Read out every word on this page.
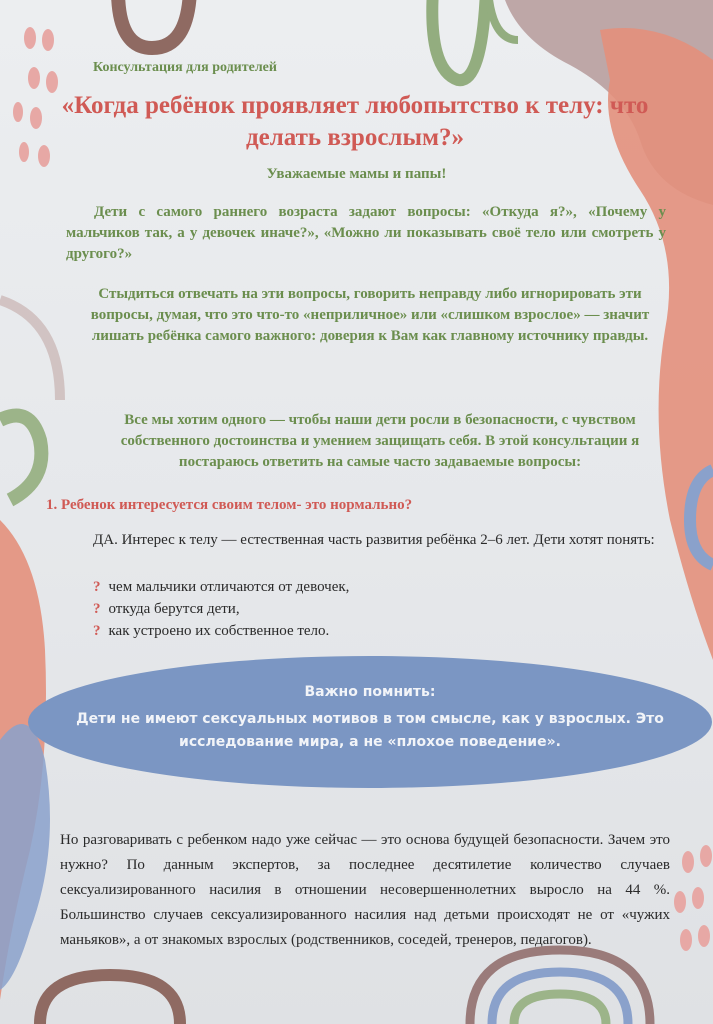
Консультация для родителей
«Когда ребёнок проявляет любопытство к телу: что делать взрослым?»
Уважаемые мамы и папы!
Дети с самого раннего возраста задают вопросы: «Откуда я?», «Почему у мальчиков так, а у девочек иначе?», «Можно ли показывать своё тело или смотреть у другого?»
Стыдиться отвечать на эти вопросы, говорить неправду либо игнорировать эти вопросы, думая, что это что-то «неприличное» или «слишком взрослое» — значит лишать ребёнка самого важного: доверия к Вам как главному источнику правды.
Все мы хотим одного — чтобы наши дети росли в безопасности, с чувством собственного достоинства и умением защищать себя. В этой консультации я постараюсь ответить на самые часто задаваемые вопросы:
1. Ребенок интересуется своим телом- это нормально?
ДА. Интерес к телу — естественная часть развития ребёнка 2–6 лет. Дети хотят понять:
? чем мальчики отличаются от девочек,
? откуда берутся дети,
? как устроено их собственное тело.
Важно помнить:
Дети не имеют сексуальных мотивов в том смысле, как у взрослых. Это исследование мира, а не «плохое поведение».
Но разговаривать с ребенком надо уже сейчас — это основа будущей безопасности. Зачем это нужно? По данным экспертов, за последнее десятилетие количество случаев сексуализированного насилия в отношении несовершеннолетних выросло на 44 %. Большинство случаев сексуализированного насилия над детьми происходят не от «чужих маньяков», а от знакомых взрослых (родственников, соседей, тренеров, педагогов).
